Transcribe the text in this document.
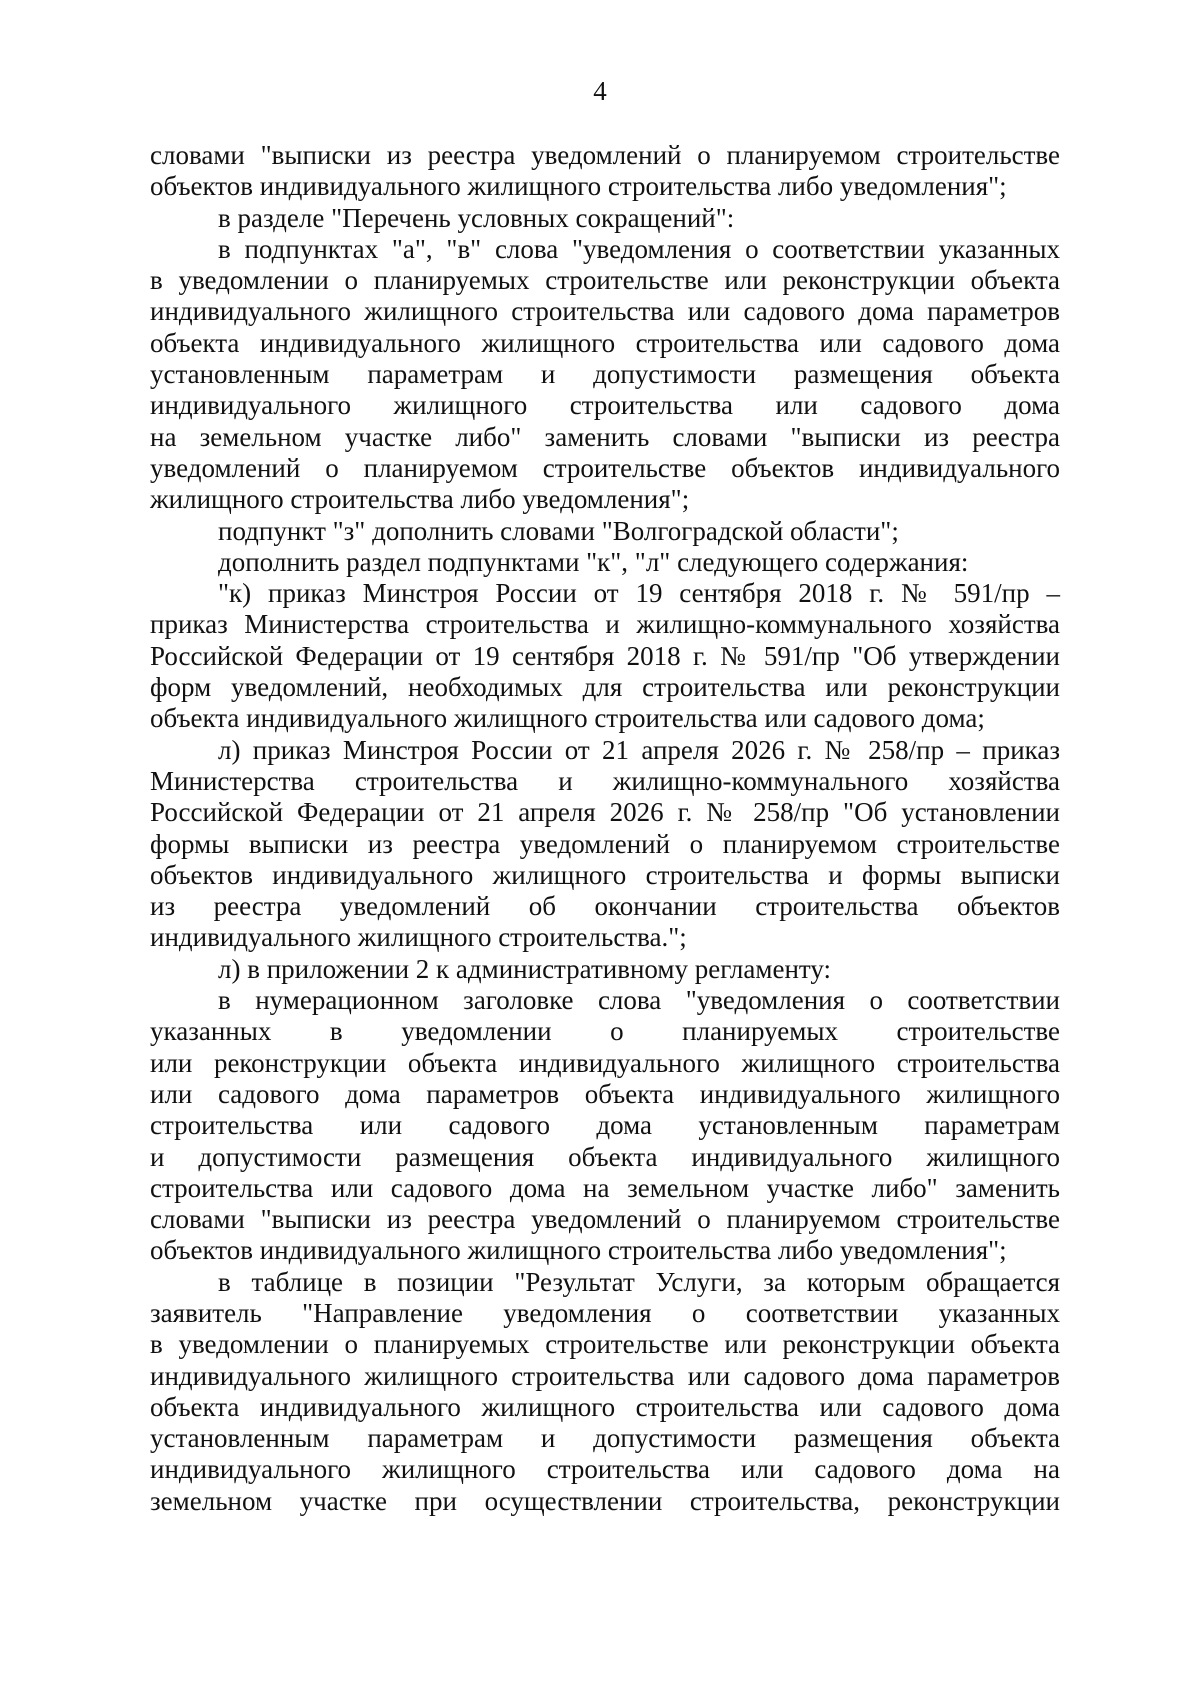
4
словами "выписки из реестра уведомлений о планируемом строительстве
объектов индивидуального жилищного строительства либо уведомления";
в разделе "Перечень условных сокращений":
в подпунктах "а", "в" слова "уведомления о соответствии указанных
в уведомлении о планируемых строительстве или реконструкции объекта
индивидуального жилищного строительства или садового дома параметров
объекта индивидуального жилищного строительства или садового дома
установленным параметрам и допустимости размещения объекта
индивидуального жилищного строительства или садового дома
на земельном участке либо" заменить словами "выписки из реестра
уведомлений о планируемом строительстве объектов индивидуального
жилищного строительства либо уведомления";
подпункт "з" дополнить словами "Волгоградской области";
дополнить раздел подпунктами "к", "л" следующего содержания:
"к) приказ Минстроя России от 19 сентября 2018 г. № 591/пр –
приказ Министерства строительства и жилищно-коммунального хозяйства
Российской Федерации от 19 сентября 2018 г. № 591/пр "Об утверждении
форм уведомлений, необходимых для строительства или реконструкции
объекта индивидуального жилищного строительства или садового дома;
л) приказ Минстроя России от 21 апреля 2026 г. № 258/пр – приказ
Министерства строительства и жилищно-коммунального хозяйства
Российской Федерации от 21 апреля 2026 г. № 258/пр "Об установлении
формы выписки из реестра уведомлений о планируемом строительстве
объектов индивидуального жилищного строительства и формы выписки
из реестра уведомлений об окончании строительства объектов
индивидуального жилищного строительства.";
л) в приложении 2 к административному регламенту:
в нумерационном заголовке слова "уведомления о соответствии
указанных в уведомлении о планируемых строительстве
или реконструкции объекта индивидуального жилищного строительства
или садового дома параметров объекта индивидуального жилищного
строительства или садового дома установленным параметрам
и допустимости размещения объекта индивидуального жилищного
строительства или садового дома на земельном участке либо" заменить
словами "выписки из реестра уведомлений о планируемом строительстве
объектов индивидуального жилищного строительства либо уведомления";
в таблице в позиции "Результат Услуги, за которым обращается
заявитель "Направление уведомления о соответствии указанных
в уведомлении о планируемых строительстве или реконструкции объекта
индивидуального жилищного строительства или садового дома параметров
объекта индивидуального жилищного строительства или садового дома
установленным параметрам и допустимости размещения объекта
индивидуального жилищного строительства или садового дома на
земельном участке при осуществлении строительства, реконструкции
